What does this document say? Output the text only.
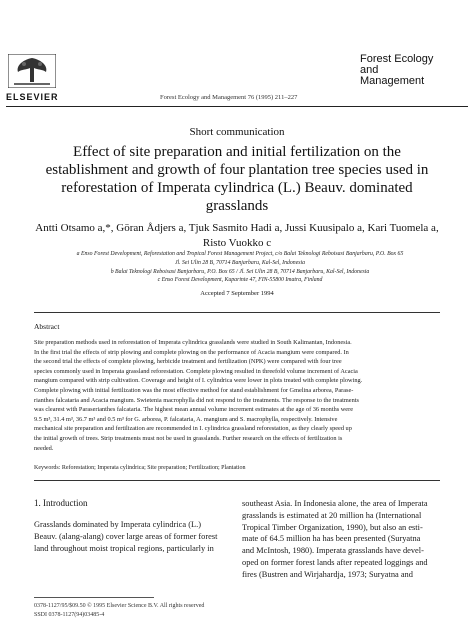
ELSEVIER	Forest Ecology and Management 76 (1995) 211–227
Forest Ecology
and
Management
Short communication
Effect of site preparation and initial fertilization on the
establishment and growth of four plantation tree species used in
reforestation of Imperata cylindrica (L.) Beauv. dominated
grasslands
Antti Otsamo a,*, Göran Ådjers a, Tjuk Sasmito Hadi a, Jussi Kuusipalo a, Kari Tuomela a,
Risto Vuokko c
a Enso Forest Development, Reforestation and Tropical Forest Management Project, c/o Balai Teknologi Reboisasi Banjarbaru, P.O. Box 65
Jl. Sei Ulin 28 B, 70714 Banjarbaru, Kal-Sel, Indonesia
b Balai Teknologi Reboisasi Banjarbaru, P.O. Box 65 / Jl. Sei Ulin 28 B, 70714 Banjarbaru, Kal-Sel, Indonesia
c Enso Forest Development, Kuparinte 47, FIN-55800 Imatra, Finland
Accepted 7 September 1994
Abstract
Site preparation methods used in reforestation of Imperata cylindrica grasslands were studied in South Kalimantan, Indonesia.
In the first trial the effects of strip plowing and complete plowing on the performance of Acacia mangium were compared. In
the second trial the effects of complete plowing, herbicide treatment and fertilization (NPK) were compared with four tree
species commonly used in Imperata grassland reforestation. Complete plowing resulted in threefold volume increment of Acacia
mangium compared with strip cultivation. Coverage and height of I. cylindrica were lower in plots treated with complete plowing.
Complete plowing with initial fertilization was the most effective method for stand establishment for Gmelina arborea, Parase-
rianthes falcataria and Acacia mangium. Swietenia macrophylla did not respond to the treatments. The response to the treatments
was clearest with Paraserianthes falcataria. The highest mean annual volume increment estimates at the age of 36 months were
9.5 m³, 31.4 m³, 36.7 m³ and 0.5 m³ for G. arborea, P. falcataria, A. mangium and S. macrophylla, respectively. Intensive
mechanical site preparation and fertilization are recommended in I. cylindrica grassland reforestation, as they clearly speed up
the initial growth of trees. Strip treatments must not be used in grasslands. Further research on the effects of fertilization is
needed.
Keywords: Reforestation; Imperata cylindrica; Site preparation; Fertilization; Plantation
1. Introduction
Grasslands dominated by Imperata cylindrica (L.)
Beauv. (alang-alang) cover large areas of former forest
land throughout moist tropical regions, particularly in
southeast Asia. In Indonesia alone, the area of Imperata
grasslands is estimated at 20 million ha (International
Tropical Timber Organization, 1990), but also an esti-
mate of 64.5 million ha has been presented (Suryatna
and McIntosh, 1980). Imperata grasslands have devel-
oped on former forest lands after repeated loggings and
fires (Bustren and Wirjahardja, 1973; Suryatna and
0378-1127/95/$09.50 © 1995 Elsevier Science B.V. All rights reserved
SSDI 0378-1127(94)03485-4
